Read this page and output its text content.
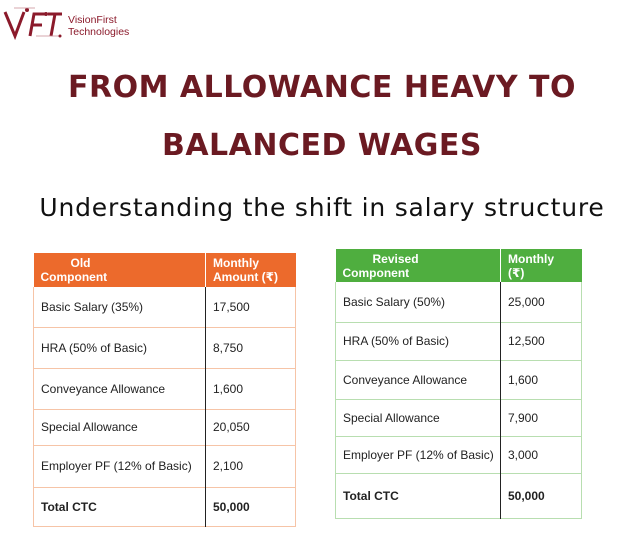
VisionFirst
Technologies
FROM ALLOWANCE HEAVY TO
BALANCED WAGES
Understanding the shift in salary structure
Old
Component	Monthly
Amount (₹)
Basic Salary (35%)	17,500
HRA (50% of Basic)	8,750
Conveyance Allowance	1,600
Special Allowance	20,050
Employer PF (12% of Basic)	2,100
Total CTC	50,000
Revised
Component	Monthly
(₹)
Basic Salary (50%)	25,000
HRA (50% of Basic)	12,500
Conveyance Allowance	1,600
Special Allowance	7,900
Employer PF (12% of Basic)	3,000
Total CTC	50,000
